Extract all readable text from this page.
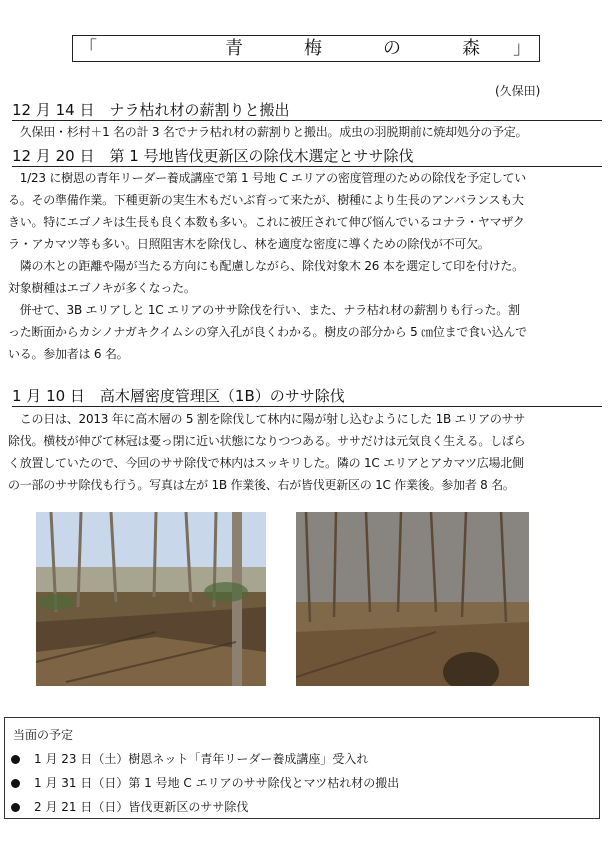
「	青	梅	の	森 」
(久保田)
12 月 14 日　ナラ枯れ材の薪割りと搬出
　久保田・杉村＋1 名の計 3 名でナラ枯れ材の薪割りと搬出。成虫の羽脱期前に焼却処分の予定。
12 月 20 日　第 1 号地皆伐更新区の除伐木選定とササ除伐
　1/23 に樹恩の青年リーダー養成講座で第 1 号地 C エリアの密度管理のための除伐を予定してい
る。その準備作業。下種更新の実生木もだいぶ育って来たが、樹種により生長のアンバランスも大
きい。特にエゴノキは生長も良く本数も多い。これに被圧されて伸び悩んでいるコナラ・ヤマザク
ラ・アカマツ等も多い。日照阻害木を除伐し、林を適度な密度に導くための除伐が不可欠。
　隣の木との距離や陽が当たる方向にも配慮しながら、除伐対象木 26 本を選定して印を付けた。
対象樹種はエゴノキが多くなった。
　併せて、3B エリアしと 1C エリアのササ除伐を行い、また、ナラ枯れ材の薪割りも行った。割
った断面からカシノナガキクイムシの穿入孔が良くわかる。樹皮の部分から 5 ㎝位まで食い込んで
いる。参加者は 6 名。
1 月 10 日　高木層密度管理区（1B）のササ除伐
　この日は、2013 年に高木層の 5 割を除伐して林内に陽が射し込むようにした 1B エリアのササ
除伐。横枝が伸びて林冠は憂っ閉に近い状態になりつつある。ササだけは元気良く生える。しばら
く放置していたので、今回のササ除伐で林内はスッキリした。隣の 1C エリアとアカマツ広場北側
の一部のササ除伐も行う。写真は左が 1B 作業後、右が皆伐更新区の 1C 作業後。参加者 8 名。
当面の予定
1 月 23 日（土）樹恩ネット「青年リーダー養成講座」受入れ
1 月 31 日（日）第 1 号地 C エリアのササ除伐とマツ枯れ材の搬出
2 月 21 日（日）皆伐更新区のササ除伐
